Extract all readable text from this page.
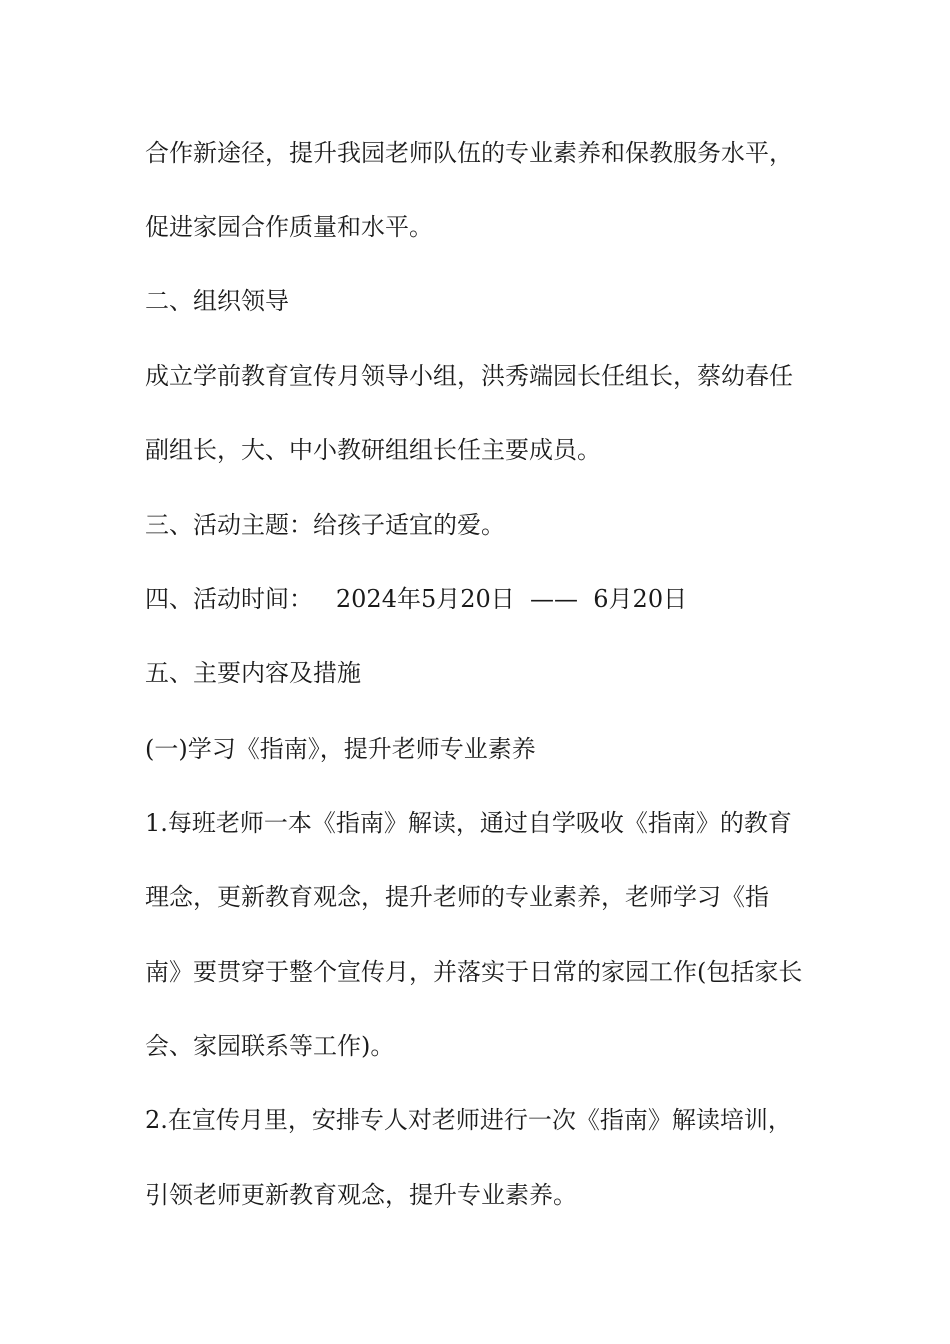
合作新途径，提升我园老师队伍的专业素养和保教服务水平，
促进家园合作质量和水平。
二、组织领导
成立学前教育宣传月领导小组，洪秀端园长任组长，蔡幼春任
副组长，大、中小教研组组长任主要成员。
三、活动主题：给孩子适宜的爱。
四、活动时间：   2024年5月20日  ——  6月20日
五、主要内容及措施
(一)学习《指南》，提升老师专业素养
1.每班老师一本《指南》解读，通过自学吸收《指南》的教育
理念，更新教育观念，提升老师的专业素养，老师学习《指
南》要贯穿于整个宣传月，并落实于日常的家园工作(包括家长
会、家园联系等工作)。
2.在宣传月里，安排专人对老师进行一次《指南》解读培训，
引领老师更新教育观念，提升专业素养。
